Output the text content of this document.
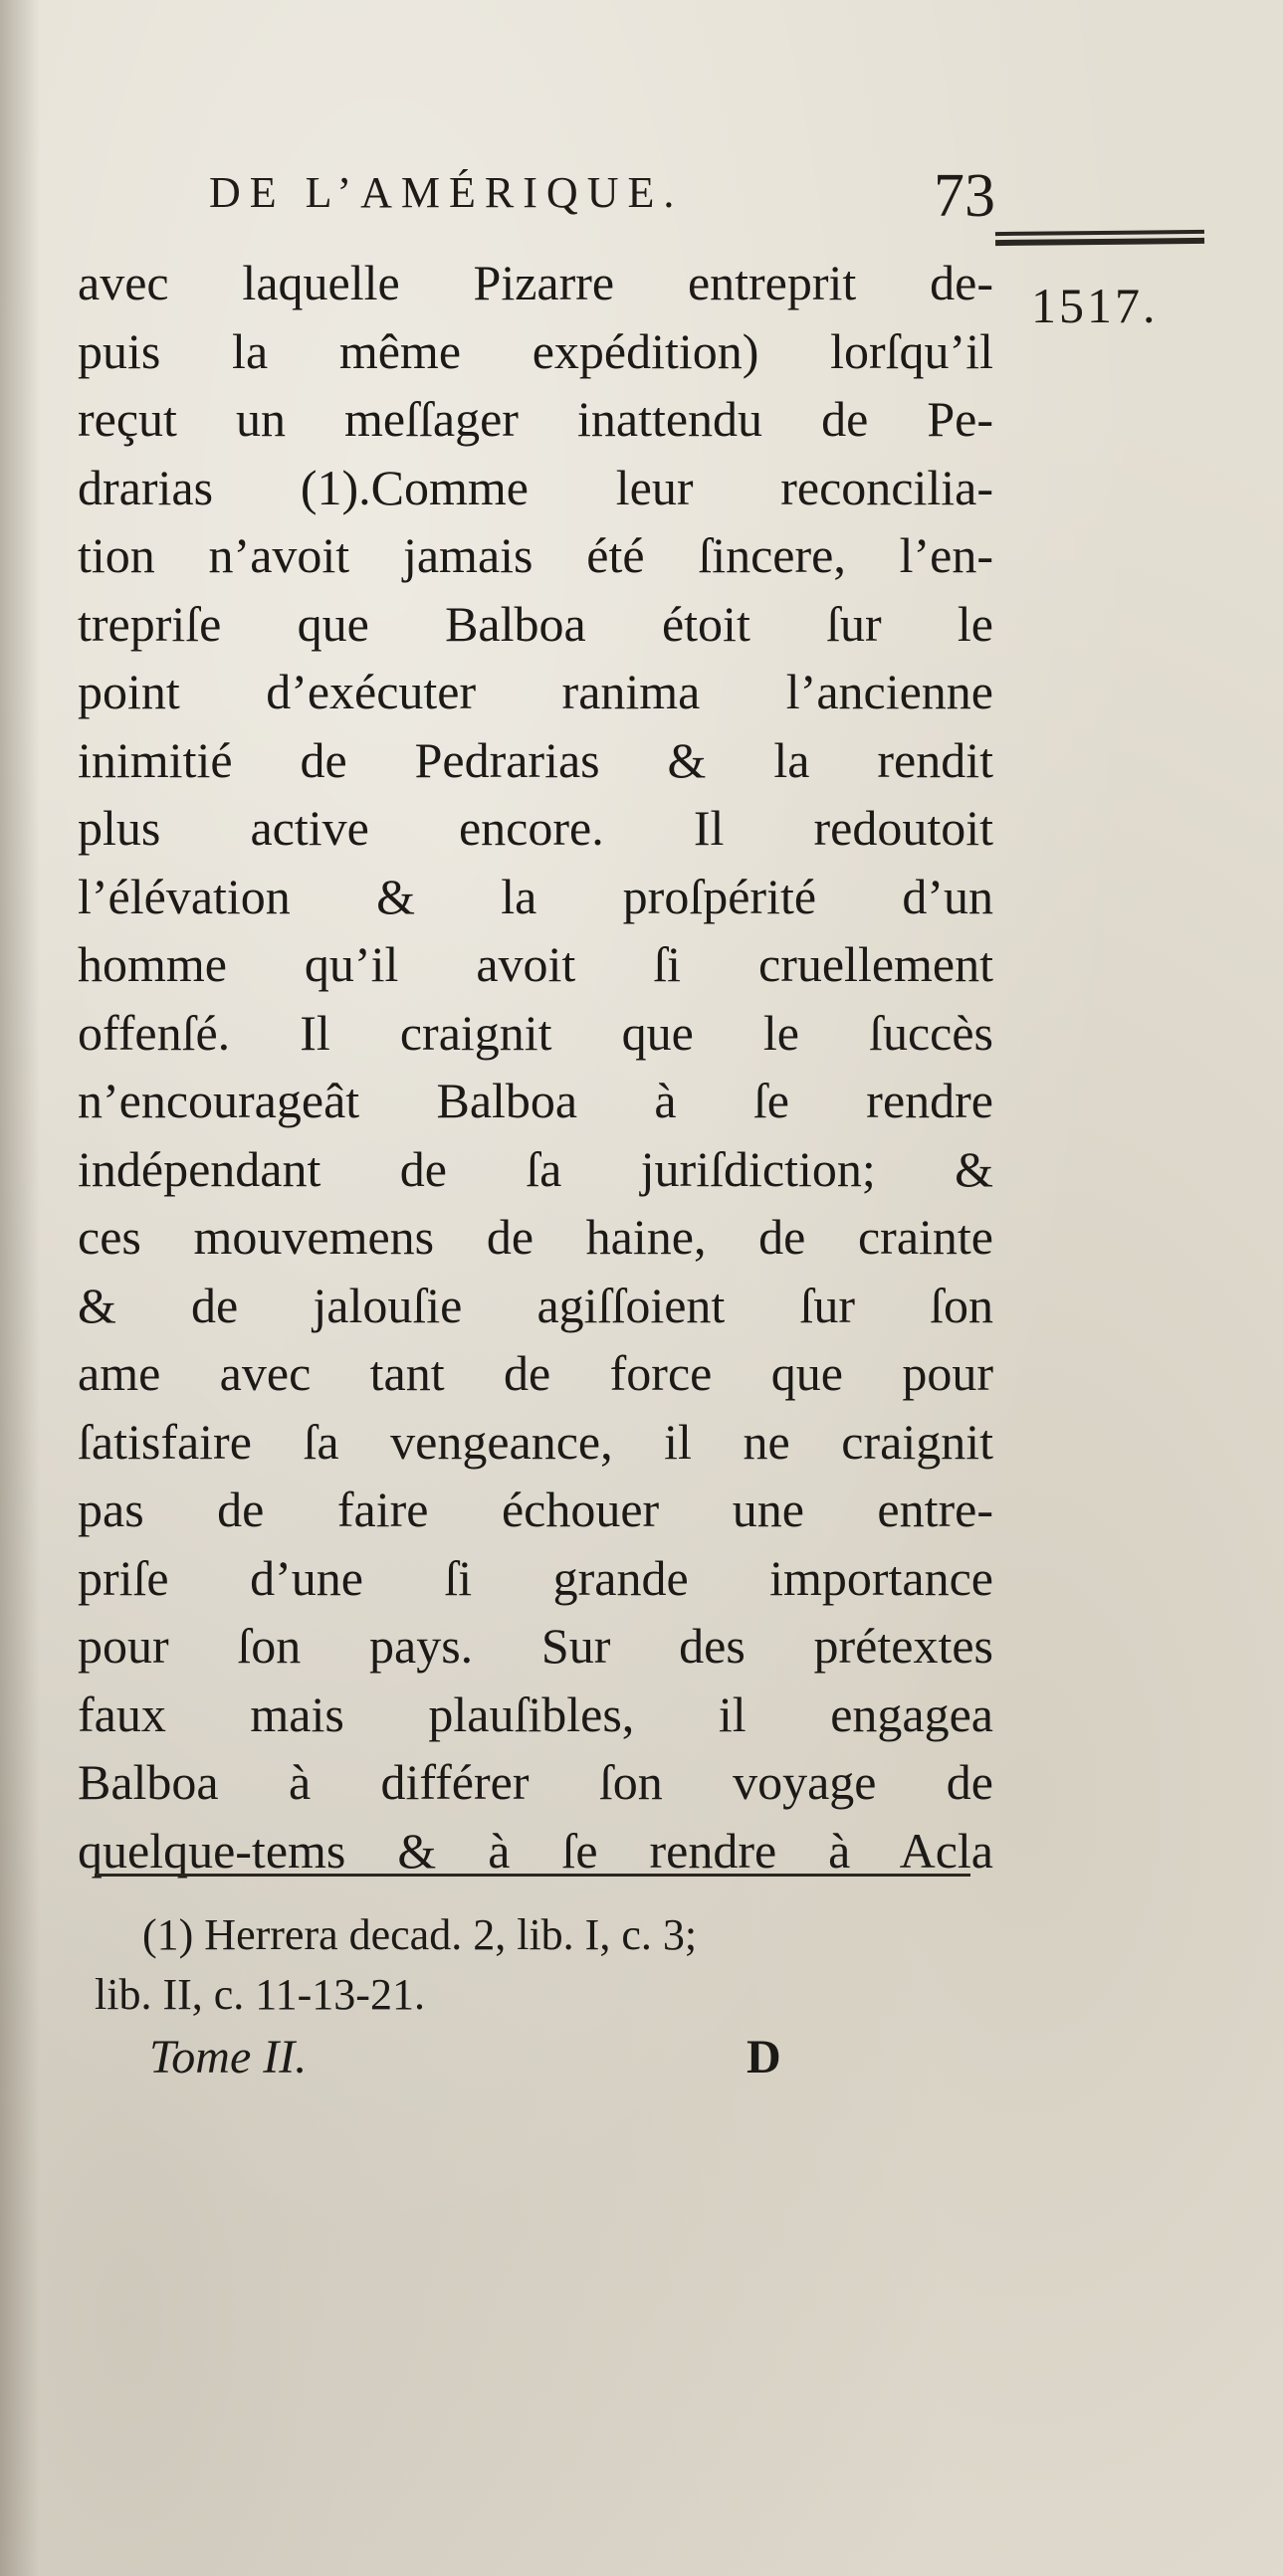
DE L’AMÉRIQUE.	73
1517.
avec laquelle Pizarre entreprit de-
puis la même expédition) lorſqu’il
reçut un meſſager inattendu de Pe-
drarias (1).Comme leur reconcilia-
tion n’avoit jamais été ſincere, l’en-
trepriſe que Balboa étoit ſur le
point d’exécuter ranima l’ancienne
inimitié de Pedrarias & la rendit
plus active encore. Il redoutoit
l’élévation & la proſpérité d’un
homme qu’il avoit ſi cruellement
offenſé. Il craignit que le ſuccès
n’encourageât Balboa à ſe rendre
indépendant de ſa juriſdiction; &
ces mouvemens de haine, de crainte
& de jalouſie agiſſoient ſur ſon
ame avec tant de force que pour
ſatisfaire ſa vengeance, il ne craignit
pas de faire échouer une entre-
priſe d’une ſi grande importance
pour ſon pays. Sur des prétextes
faux mais plauſibles, il engagea
Balboa à différer ſon voyage de
quelque-tems & à ſe rendre à Acla
(1) Herrera decad. 2, lib. I, c. 3;
lib. II, c. 11-13-21.
Tome II.	D
